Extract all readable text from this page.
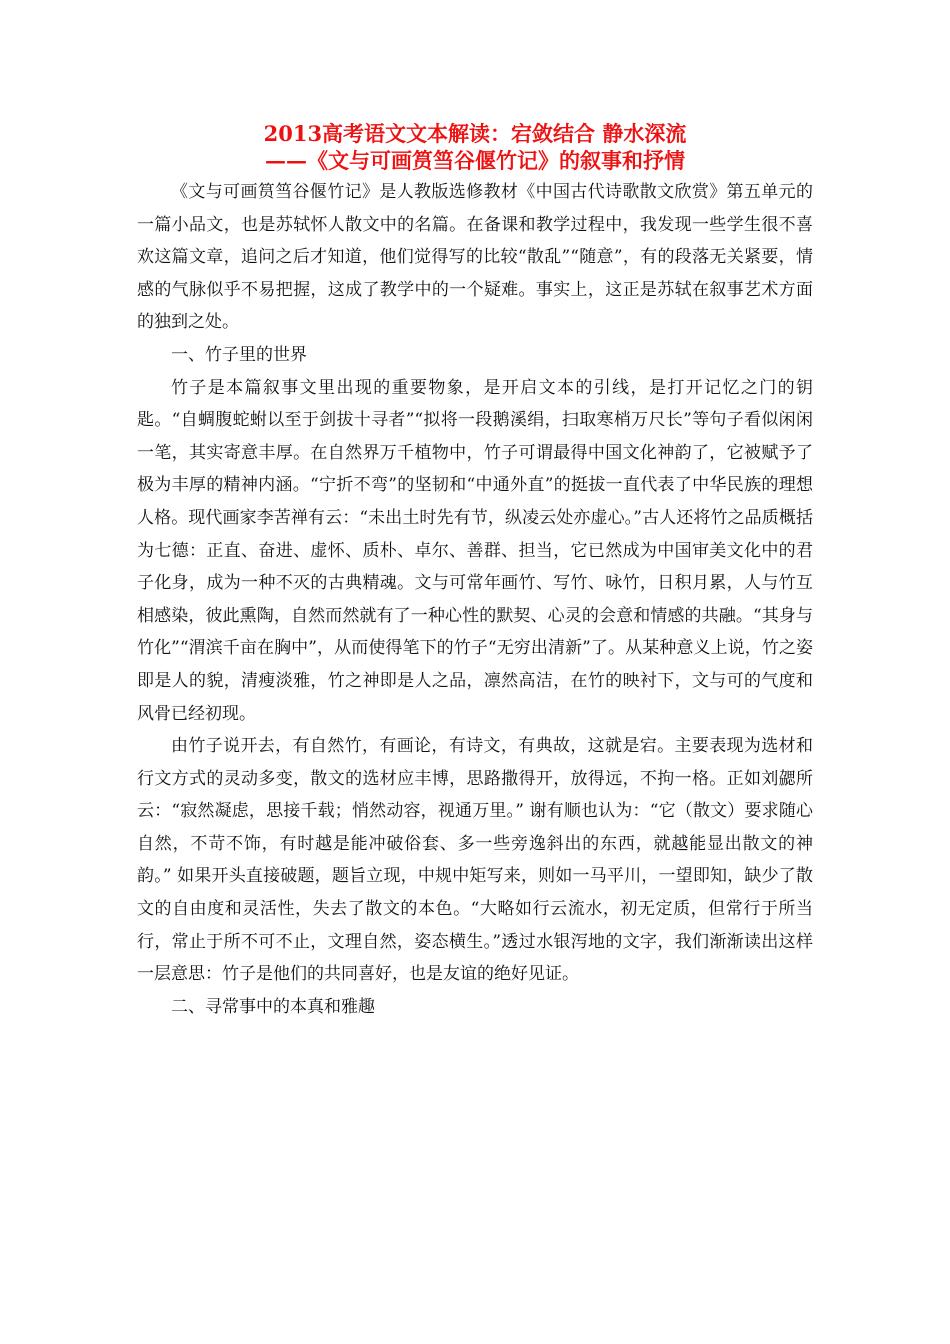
2013高考语文文本解读：宕敛结合 静水深流
——《文与可画筼筜谷偃竹记》的叙事和抒情

《文与可画筼筜谷偃竹记》是人教版选修教材《中国古代诗歌散文欣赏》第五单元的一篇小品文，也是苏轼怀人散文中的名篇。在备课和教学过程中，我发现一些学生很不喜欢这篇文章，追问之后才知道，他们觉得写的比较“散乱”“随意”，有的段落无关紧要，情感的气脉似乎不易把握，这成了教学中的一个疑难。事实上，这正是苏轼在叙事艺术方面的独到之处。

一、竹子里的世界

竹子是本篇叙事文里出现的重要物象，是开启文本的引线，是打开记忆之门的钥匙。“自蜩腹蛇蚹以至于剑拔十寻者”“拟将一段鹅溪绢，扫取寒梢万尺长”等句子看似闲闲一笔，其实寄意丰厚。在自然界万千植物中，竹子可谓最得中国文化神韵了，它被赋予了极为丰厚的精神内涵。“宁折不弯”的坚韧和“中通外直”的挺拔一直代表了中华民族的理想人格。现代画家李苦禅有云：“未出土时先有节，纵凌云处亦虚心。”古人还将竹之品质概括为七德：正直、奋进、虚怀、质朴、卓尔、善群、担当，它已然成为中国审美文化中的君子化身，成为一种不灭的古典精魂。文与可常年画竹、写竹、咏竹，日积月累，人与竹互相感染，彼此熏陶，自然而然就有了一种心性的默契、心灵的会意和情感的共融。“其身与竹化”“渭滨千亩在胸中”，从而使得笔下的竹子“无穷出清新”了。从某种意义上说，竹之姿即是人的貌，清瘦淡雅，竹之神即是人之品，凛然高洁，在竹的映衬下，文与可的气度和风骨已经初现。

由竹子说开去，有自然竹，有画论，有诗文，有典故，这就是宕。主要表现为选材和行文方式的灵动多变，散文的选材应丰博，思路撒得开，放得远，不拘一格。正如刘勰所云：“寂然凝虑，思接千载；悄然动容，视通万里。” 谢有顺也认为：“它（散文）要求随心自然，不苛不饰，有时越是能冲破俗套、多一些旁逸斜出的东西，就越能显出散文的神韵。” 如果开头直接破题，题旨立现，中规中矩写来，则如一马平川，一望即知，缺少了散文的自由度和灵活性，失去了散文的本色。“大略如行云流水，初无定质，但常行于所当行，常止于所不可不止，文理自然，姿态横生。”透过水银泻地的文字，我们渐渐读出这样一层意思：竹子是他们的共同喜好，也是友谊的绝好见证。

二、寻常事中的本真和雅趣
